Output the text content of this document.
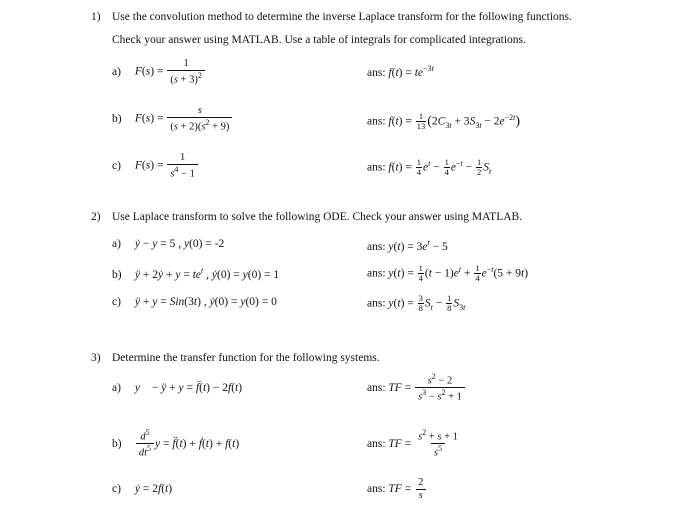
1) Use the convolution method to determine the inverse Laplace transform for the following functions.
Check your answer using MATLAB. Use a table of integrals for complicated integrations.
a) $F(s) = \frac{1}{(s + 3)^2}$	ans: $f(t) = te^{-3t}$
b) $F(s) = \frac{s}{(s + 2)(s^2 + 9)}$	ans: $f(t) = \frac{1}{13} (2C_{3t} + 3S_{3t} - 2e^{-2t})$
c) $F(s) = \frac{1}{s^4 - 1}$	ans: $f(t) = \frac{1}{4} e^t - \frac{1}{4} e^{-t} - \frac{1}{2} S_t$
2) Use Laplace transform to solve the following ODE. Check your answer using MATLAB.
a) ẏ − y = 5 , y(0) = -2	ans: $y(t) = 3e^t - 5$
b) ÿ + 2ẏ + $y = te^t$ , ẏ(0) = y(0) = 1	ans: $y(t) = \frac{1}{4} (t - 1)e^t + \frac{1}{4} e^{-t}(5 + 9t)$
c) ÿ + y = Sin(3t) , ẏ(0) = y(0) = 0	ans: $y(t) = \frac{3}{8} S_t - \frac{1}{8} S_{3t}$
3) Determine the transfer function for the following systems.
a) y⃛ − ÿ + y = f̈(t) − 2f(t)	ans: TF = $\frac{s^2 - 2}{s^3 - s^2 + 1}$
$b) \frac{d^5}{dt^5}$ y = f̈(t) + ḟ(t) + f(t)	ans: TF = $\frac{s^2 + s + 1}{s^5}$
c) ẏ = 2f(t)	ans: TF = $\frac{2}{s}$
